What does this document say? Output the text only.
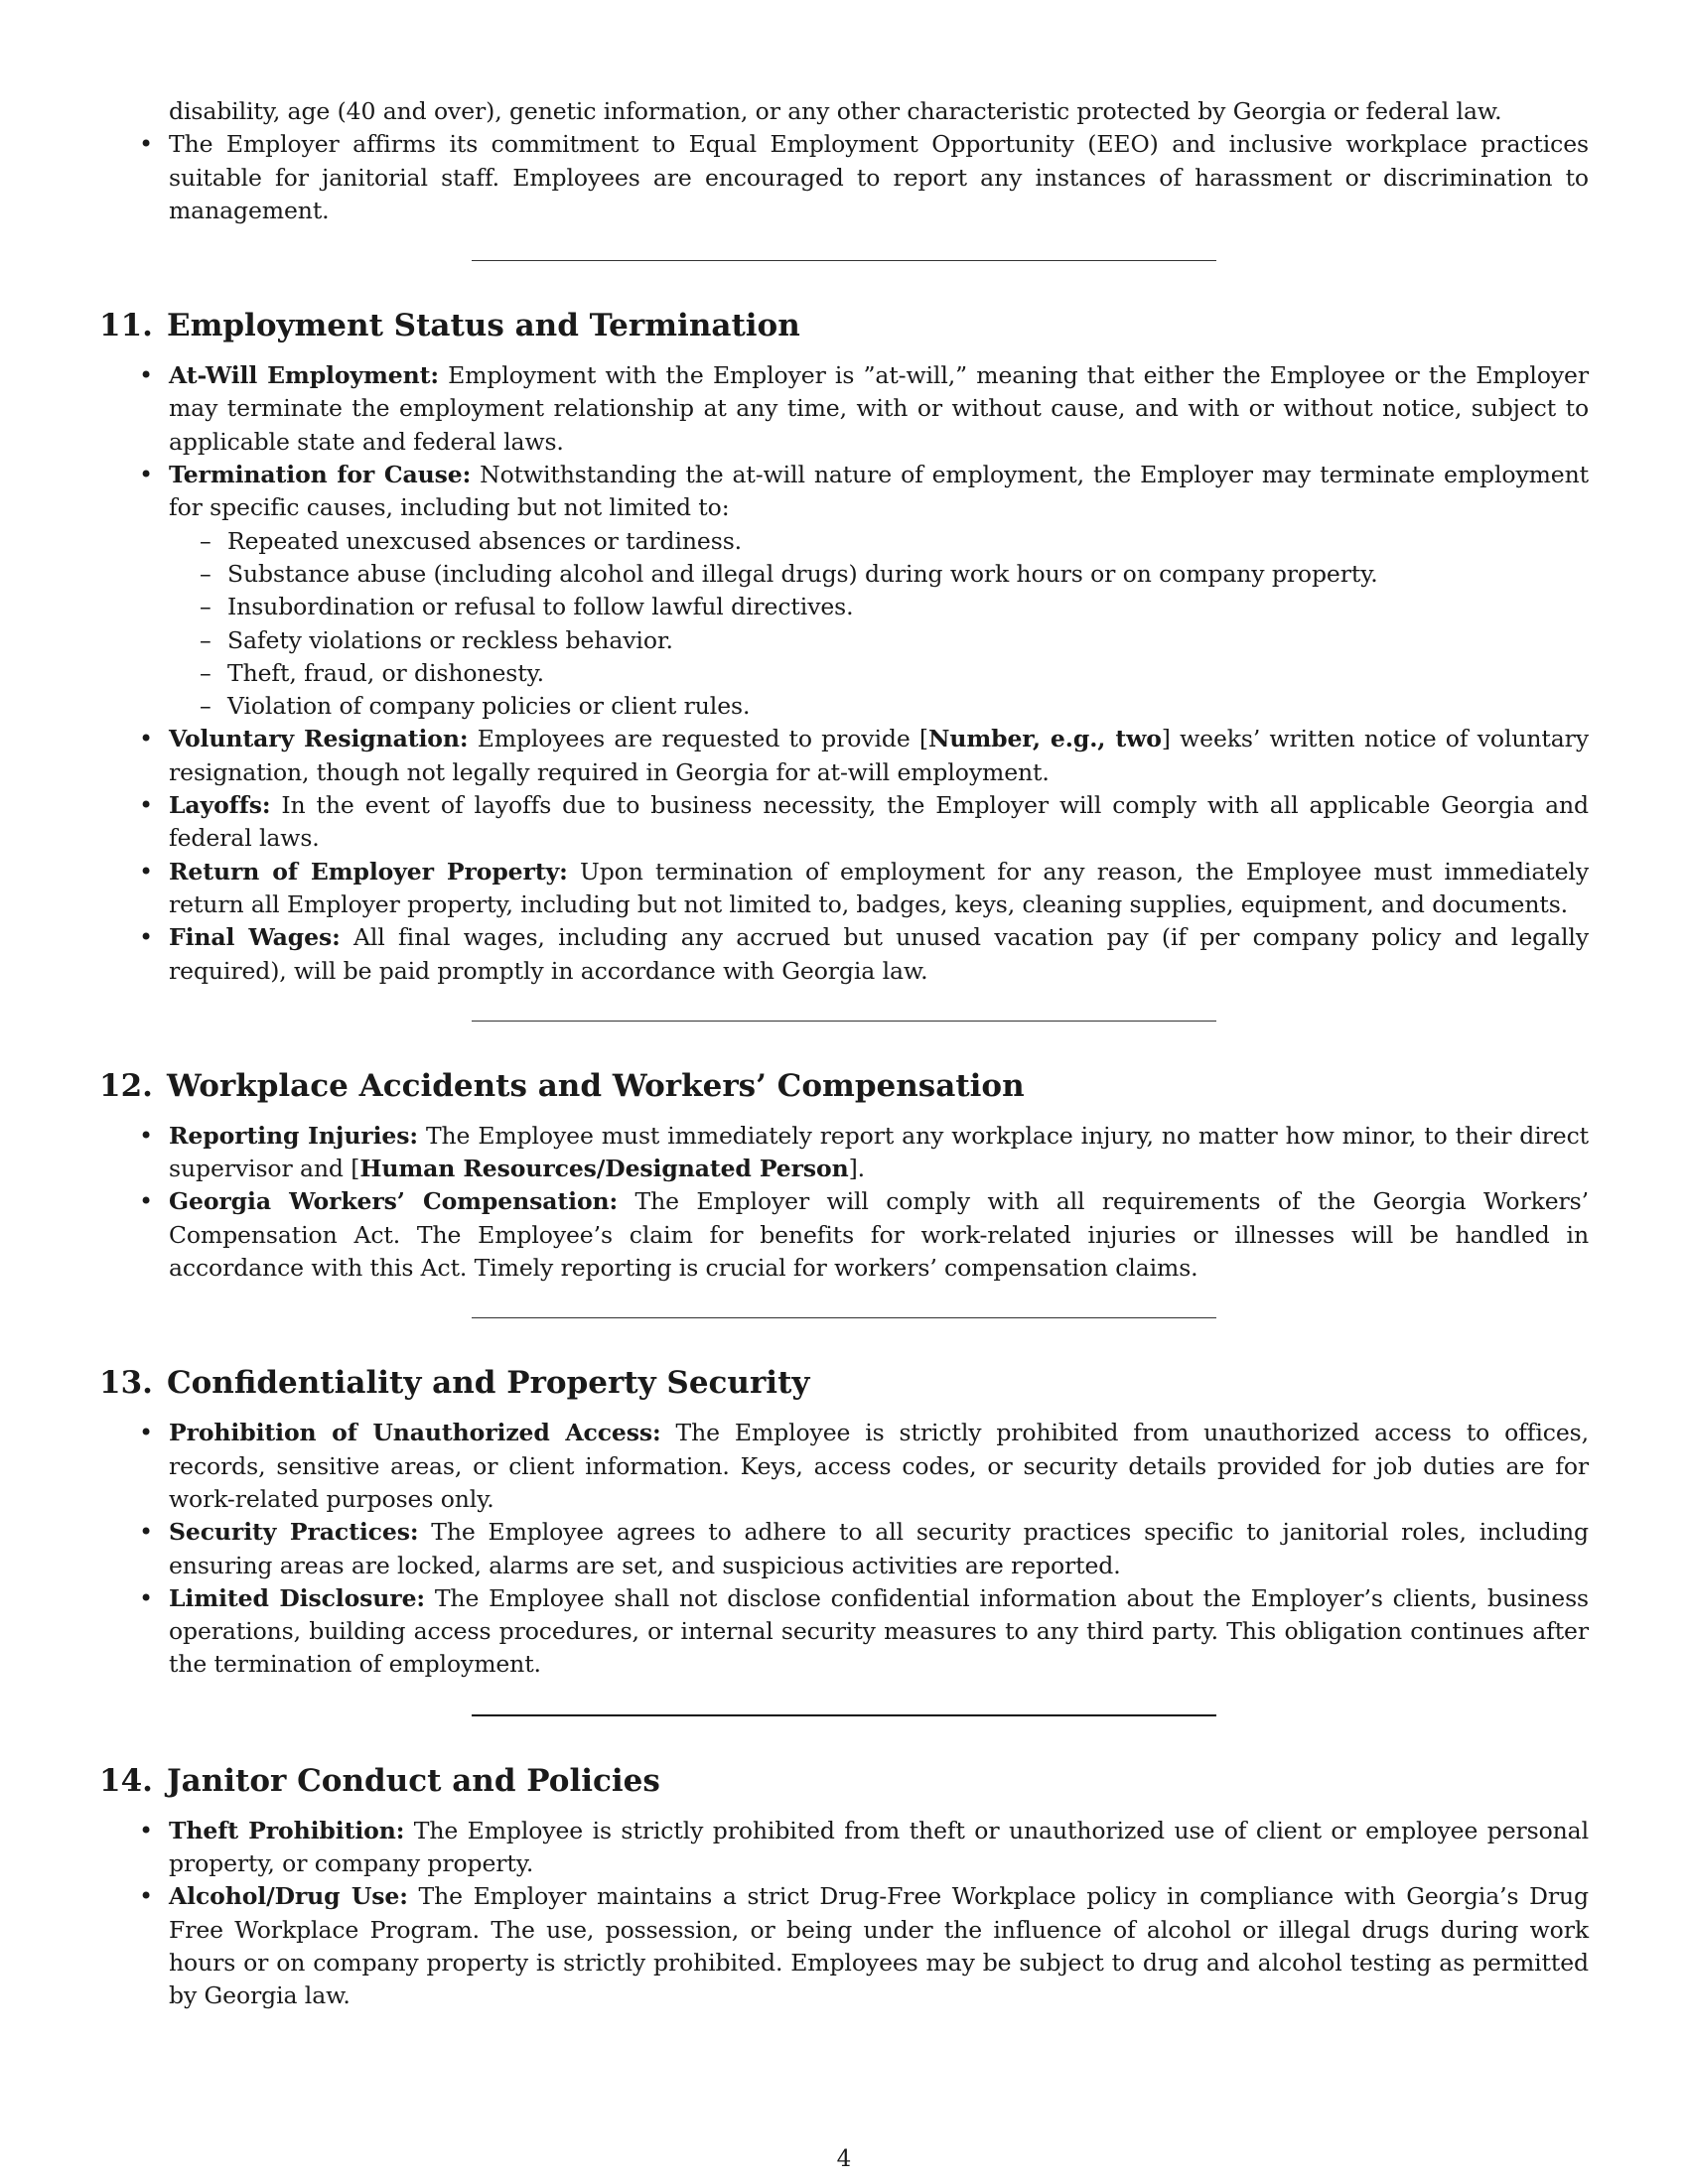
disability, age (40 and over), genetic information, or any other characteristic protected by Georgia or federal law.
• The Employer affirms its commitment to Equal Employment Opportunity (EEO) and inclusive workplace practices suitable for janitorial staff. Employees are encouraged to report any instances of harassment or discrimination to management.
11. Employment Status and Termination
• At-Will Employment: Employment with the Employer is ”at-will,” meaning that either the Employee or the Employer may terminate the employment relationship at any time, with or without cause, and with or without notice, subject to applicable state and federal laws.
• Termination for Cause: Notwithstanding the at-will nature of employment, the Employer may terminate employment for specific causes, including but not limited to:
– Repeated unexcused absences or tardiness.
– Substance abuse (including alcohol and illegal drugs) during work hours or on company property.
– Insubordination or refusal to follow lawful directives.
– Safety violations or reckless behavior.
– Theft, fraud, or dishonesty.
– Violation of company policies or client rules.
• Voluntary Resignation: Employees are requested to provide [Number, e.g., two] weeks’ written notice of voluntary resignation, though not legally required in Georgia for at-will employment.
• Layoffs: In the event of layoffs due to business necessity, the Employer will comply with all applicable Georgia and federal laws.
• Return of Employer Property: Upon termination of employment for any reason, the Employee must immediately return all Employer property, including but not limited to, badges, keys, cleaning supplies, equipment, and documents.
• Final Wages: All final wages, including any accrued but unused vacation pay (if per company policy and legally required), will be paid promptly in accordance with Georgia law.
12. Workplace Accidents and Workers’ Compensation
• Reporting Injuries: The Employee must immediately report any workplace injury, no matter how minor, to their direct supervisor and [Human Resources/Designated Person].
• Georgia Workers’ Compensation: The Employer will comply with all requirements of the Georgia Workers’ Compensation Act. The Employee’s claim for benefits for work-related injuries or illnesses will be handled in accordance with this Act. Timely reporting is crucial for workers’ compensation claims.
13. Confidentiality and Property Security
• Prohibition of Unauthorized Access: The Employee is strictly prohibited from unauthorized access to offices, records, sensitive areas, or client information. Keys, access codes, or security details provided for job duties are for work-related purposes only.
• Security Practices: The Employee agrees to adhere to all security practices specific to janitorial roles, including ensuring areas are locked, alarms are set, and suspicious activities are reported.
• Limited Disclosure: The Employee shall not disclose confidential information about the Employer’s clients, business operations, building access procedures, or internal security measures to any third party. This obligation continues after the termination of employment.
14. Janitor Conduct and Policies
• Theft Prohibition: The Employee is strictly prohibited from theft or unauthorized use of client or employee personal property, or company property.
• Alcohol/Drug Use: The Employer maintains a strict Drug-Free Workplace policy in compliance with Georgia’s Drug Free Workplace Program. The use, possession, or being under the influence of alcohol or illegal drugs during work hours or on company property is strictly prohibited. Employees may be subject to drug and alcohol testing as permitted by Georgia law.
4
